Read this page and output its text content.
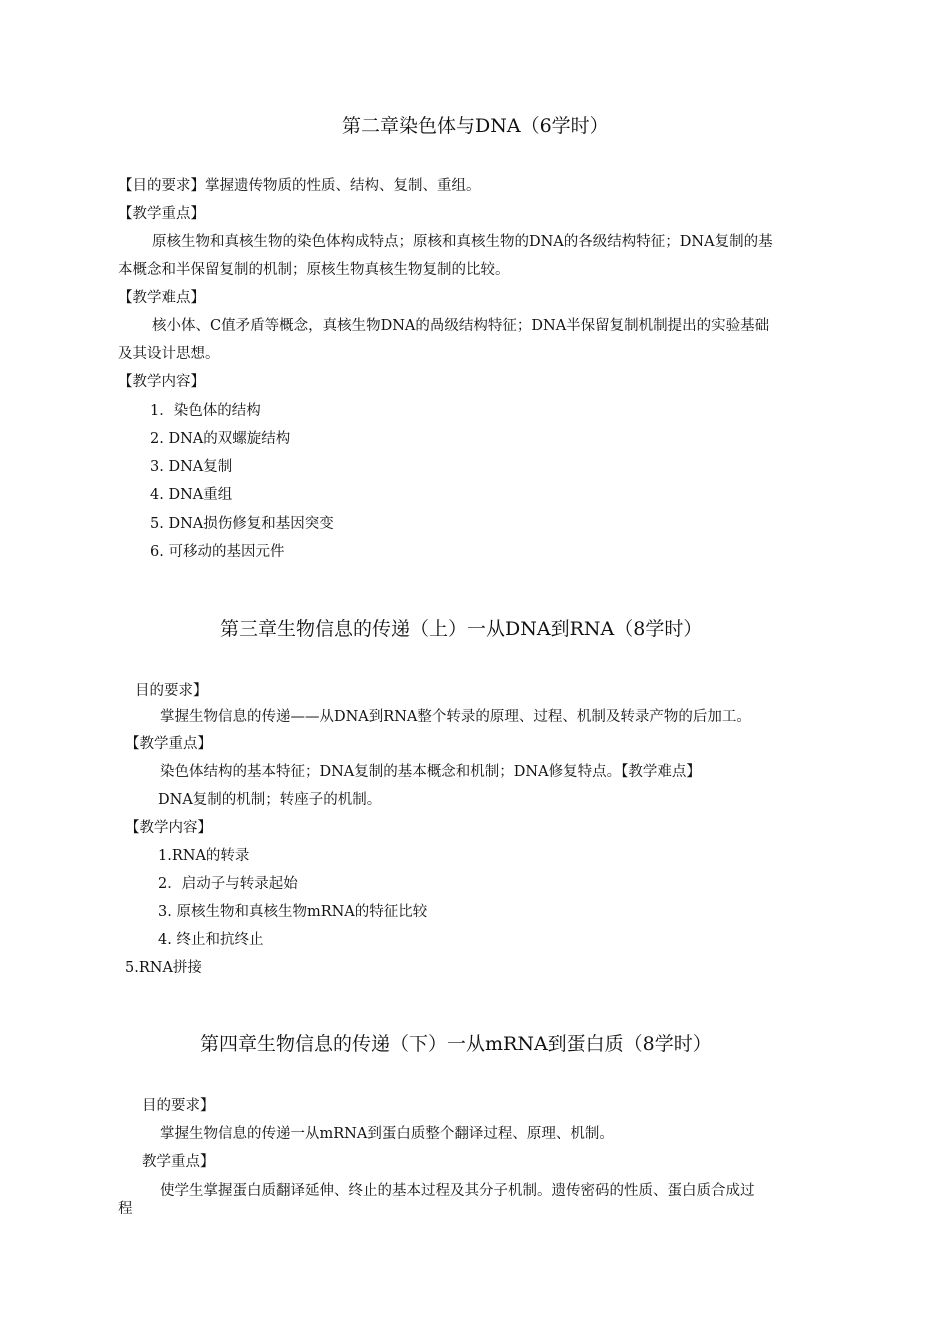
第二章染色体与DNA（6学时）
【目的要求】掌握遗传物质的性质、结构、复制、重组。
【教学重点】
原核生物和真核生物的染色体构成特点；原核和真核生物的DNA的各级结构特征；DNA复制的基
本概念和半保留复制的机制；原核生物真核生物复制的比较。
【教学难点】
核小体、C值矛盾等概念，真核生物DNA的咼级结构特征；DNA半保留复制机制提出的实验基础
及其设计思想。
【教学内容】
1．染色体的结构
2. DNA的双螺旋结构
3. DNA复制
4. DNA重组
5. DNA损伤修复和基因突变
6. 可移动的基因元件
第三章生物信息的传递（上）一从DNA到RNA（8学时）
目的要求】
掌握生物信息的传递——从DNA到RNA整个转录的原理、过程、机制及转录产物的后加工。
【教学重点】
染色体结构的基本特征；DNA复制的基本概念和机制；DNA修复特点。【教学难点】
DNA复制的机制；转座子的机制。
【教学内容】
1.RNA的转录
2．启动子与转录起始
3. 原核生物和真核生物mRNA的特征比较
4. 终止和抗终止
5.RNA拼接
第四章生物信息的传递（下）一从mRNA到蛋白质（8学时）
目的要求】
掌握生物信息的传递一从mRNA到蛋白质整个翻译过程、原理、机制。
教学重点】
使学生掌握蛋白质翻译延伸、终止的基本过程及其分子机制。遗传密码的性质、蛋白质合成过
程
